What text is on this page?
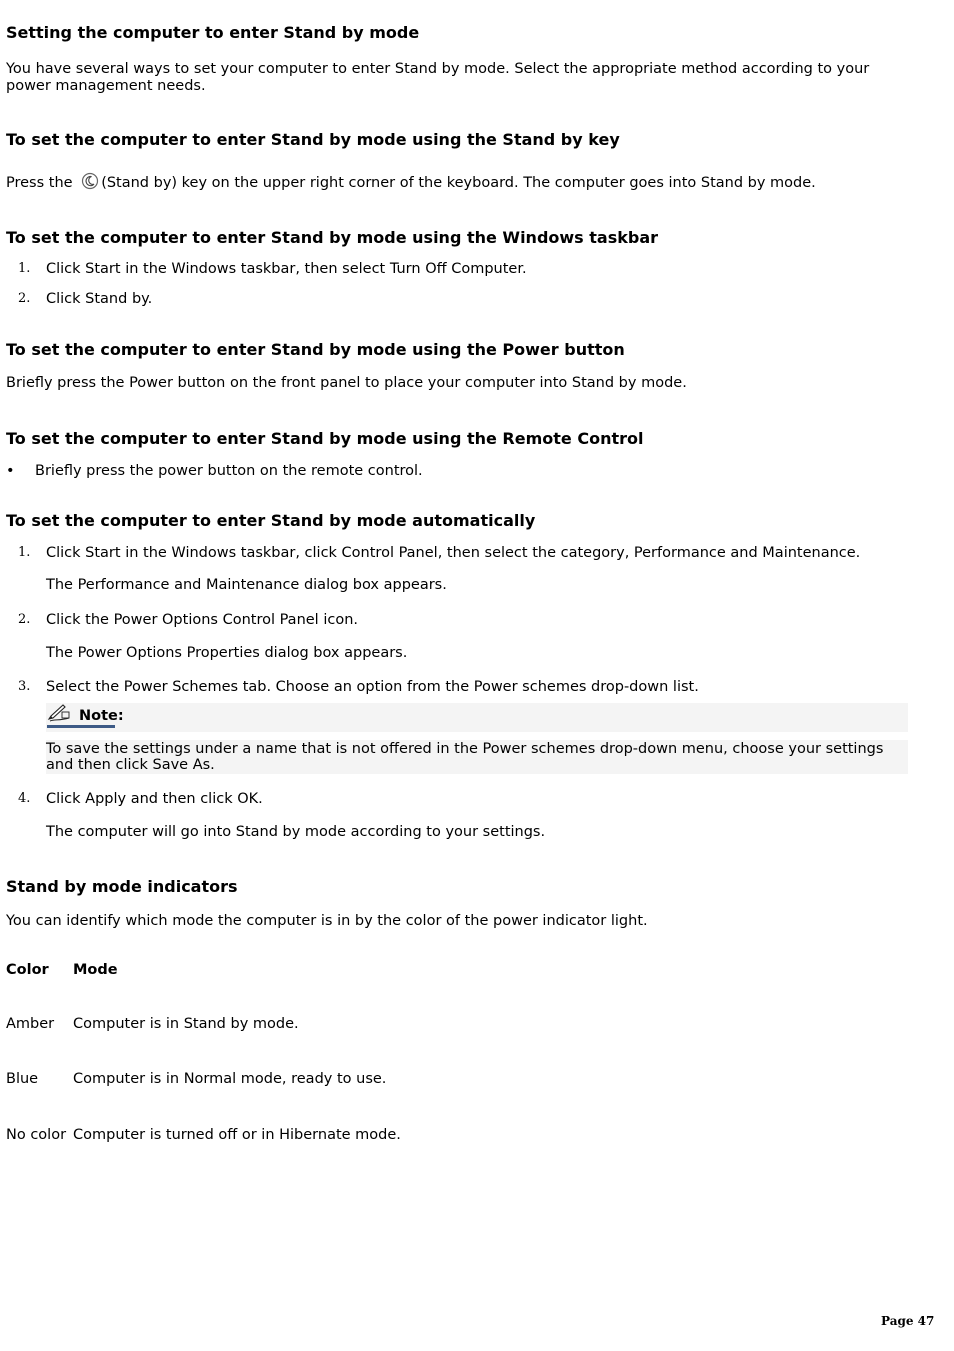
Setting the computer to enter Stand by mode

You have several ways to set your computer to enter Stand by mode. Select the appropriate method according to your power management needs.

To set the computer to enter Stand by mode using the Stand by key

Press the (Stand by) key on the upper right corner of the keyboard. The computer goes into Stand by mode.

To set the computer to enter Stand by mode using the Windows taskbar
1. Click Start in the Windows taskbar, then select Turn Off Computer.
2. Click Stand by.
To set the computer to enter Stand by mode using the Power button
Briefly press the Power button on the front panel to place your computer into Stand by mode.
To set the computer to enter Stand by mode using the Remote Control
• Briefly press the power button on the remote control.
To set the computer to enter Stand by mode automatically
1. Click Start in the Windows taskbar, click Control Panel, then select the category, Performance and Maintenance.
The Performance and Maintenance dialog box appears.
2. Click the Power Options Control Panel icon.
The Power Options Properties dialog box appears.
3. Select the Power Schemes tab. Choose an option from the Power schemes drop-down list.
Note:

To save the settings under a name that is not offered in the Power schemes drop-down menu, choose your settings and then click Save As.

4. Click Apply and then click OK.
The computer will go into Stand by mode according to your settings.
Stand by mode indicators
You can identify which mode the computer is in by the color of the power indicator light.
Color Mode
Amber Computer is in Stand by mode.
Blue Computer is in Normal mode, ready to use.
No color Computer is turned off or in Hibernate mode.
Page 47
